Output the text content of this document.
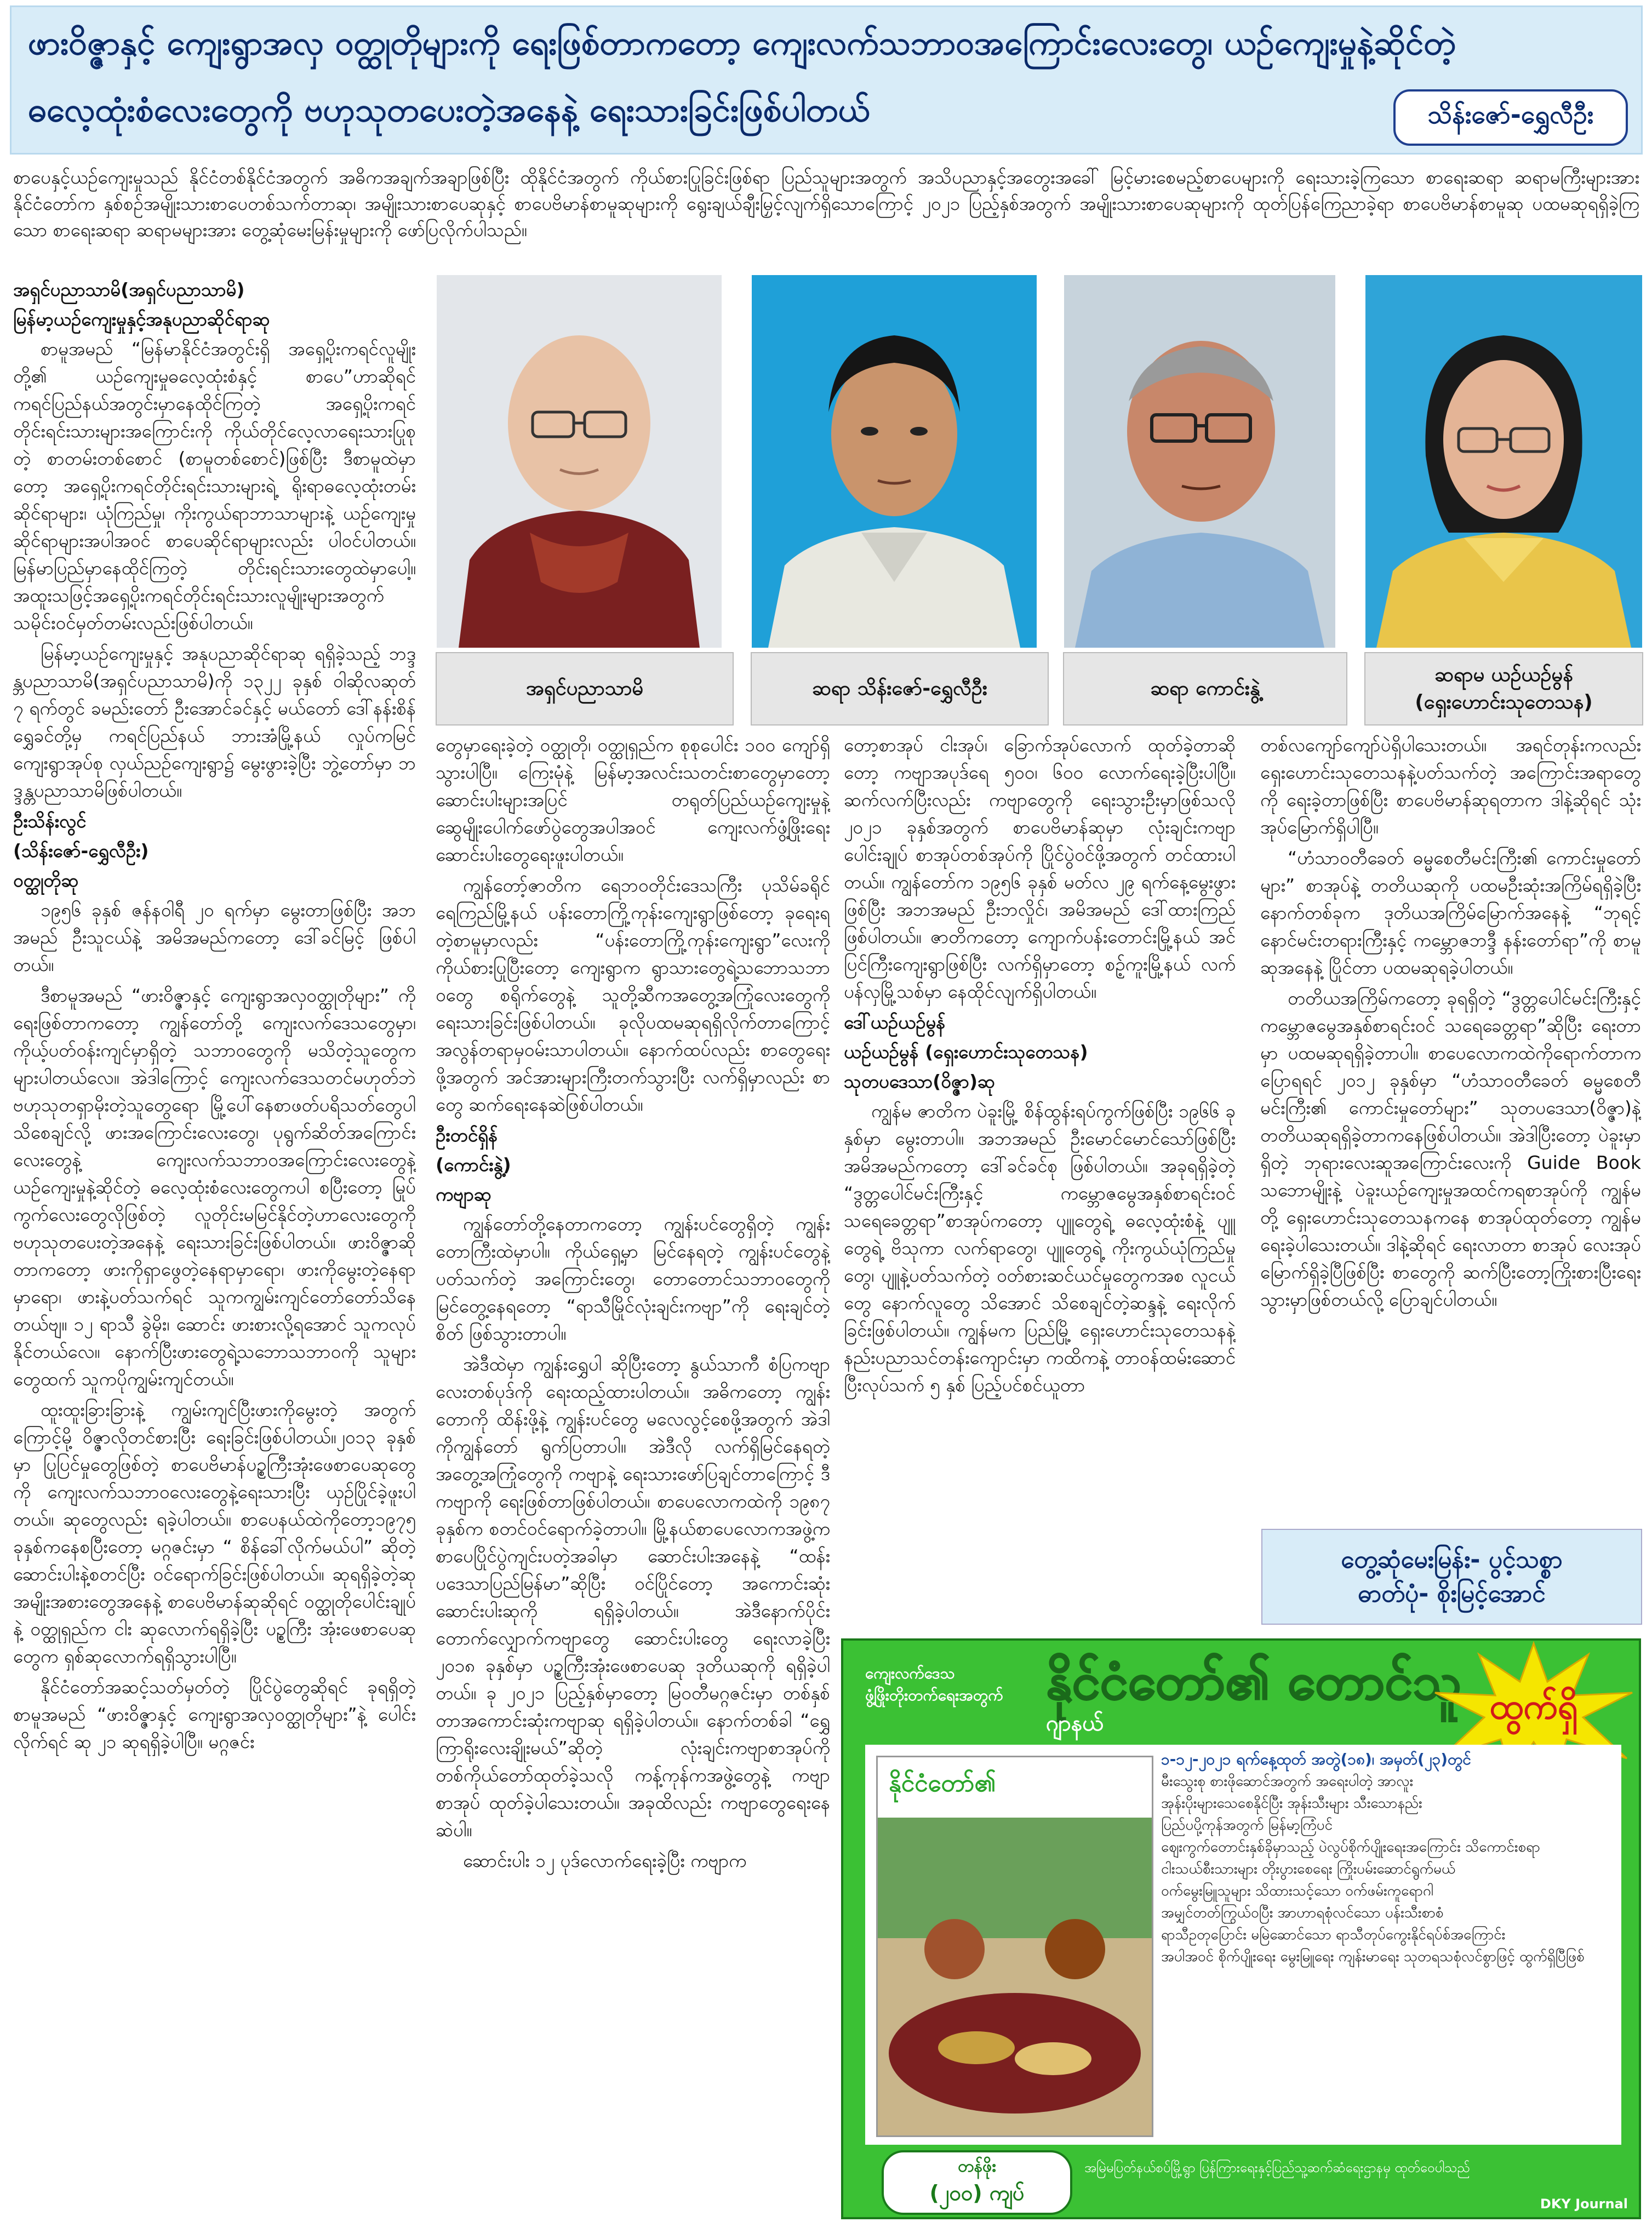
ဖားဝိဇ္ဇာနှင့် ကျေးရွာအလှ ဝတ္ထုတိုများကို ရေးဖြစ်တာကတော့ ကျေးလက်သဘာဝအကြောင်းလေးတွေ၊ ယဉ်ကျေးမှုနဲ့ဆိုင်တဲ့
ဓလေ့ထုံးစံလေးတွေကို ဗဟုသုတပေးတဲ့အနေနဲ့ ရေးသားခြင်းဖြစ်ပါတယ်	သိန်းဇော်-ရွှေလီဦး
စာပေနှင့်ယဉ်ကျေးမှုသည် နိုင်ငံတစ်နိုင်ငံအတွက် အဓိကအချက်အချာဖြစ်ပြီး ထိုနိုင်ငံအတွက် ကိုယ်စားပြုခြင်းဖြစ်ရာ ပြည်သူများအတွက် အသိပညာနှင့်အတွေးအခေါ် မြင့်မားစေမည့်စာပေများကို ရေးသားခဲ့ကြသော စာရေးဆရာ ဆရာမကြီးများအား နိုင်ငံတော်က နှစ်စဉ်အမျိုးသားစာပေတစ်သက်တာဆု၊ အမျိုးသားစာပေဆုနှင့် စာပေဗိမာန်စာမူဆုများကို ရွေးချယ်ချီးမြှင့်လျက်ရှိသောကြောင့် ၂၀၂၁ ပြည့်နှစ်အတွက် အမျိုးသားစာပေဆုများကို ထုတ်ပြန်ကြေညာခဲ့ရာ စာပေဗိမာန်စာမူဆု ပထမဆုရရှိခဲ့ကြသော စာရေးဆရာ ဆရာမများအား တွေ့ဆုံမေးမြန်းမှုများကို ဖော်ပြလိုက်ပါသည်။
အရှင်ပညာသာမိ	ဆရာ သိန်းဇော်-ရွှေလီဦး	ဆရာ ကောင်းနွဲ့
ဆရာမ ယဉ်ယဉ်မွန်
(ရှေးဟောင်းသုတေသန)
အရှင်ပညာသာမိ(အရှင်ပညာသာမိ)
မြန်မာ့ယဉ်ကျေးမှုနှင့်အနုပညာဆိုင်ရာဆု

စာမူအမည် “မြန်မာနိုင်ငံအတွင်းရှိ အရှေ့ပိုးကရင်လူမျိုးတို့၏ ယဉ်ကျေးမှုဓလေ့ထုံးစံနှင့် စာပေ”ဟာဆိုရင် ကရင်ပြည်နယ်အတွင်းမှာနေထိုင်ကြတဲ့ အရှေ့ပိုးကရင်တိုင်းရင်းသားများအကြောင်းကို ကိုယ်တိုင်လေ့လာရေးသားပြုစုတဲ့ စာတမ်းတစ်စောင် (စာမူတစ်စောင်)ဖြစ်ပြီး ဒီစာမူထဲမှာတော့ အရှေ့ပိုးကရင်တိုင်းရင်းသားများရဲ့ ရိုးရာဓလေ့ထုံးတမ်းဆိုင်ရာများ၊ ယုံကြည်မှု၊ ကိုးကွယ်ရာဘာသာများနဲ့ ယဉ်ကျေးမှုဆိုင်ရာများအပါအဝင် စာပေဆိုင်ရာများလည်း ပါဝင်ပါတယ်။ မြန်မာပြည်မှာနေထိုင်ကြတဲ့ တိုင်းရင်းသားတွေထဲမှာပေါ့။ အထူးသဖြင့်အရှေ့ပိုးကရင်တိုင်းရင်းသားလူမျိုးများအတွက် သမိုင်းဝင်မှတ်တမ်းလည်းဖြစ်ပါတယ်။

မြန်မာ့ယဉ်ကျေးမှုနှင့် အနုပညာဆိုင်ရာဆု ရရှိခဲ့သည့် ဘဒ္ဒန္တပညာသာမိ(အရှင်ပညာသာမိ)ကို ၁၃၂၂ ခုနှစ် ဝါဆိုလဆုတ် ၇ ရက်တွင် ခမည်းတော် ဦးအောင်ခင်နှင့် မယ်တော် ဒေါ်နန်းစိန်ရွှေခင်တို့မှ ကရင်ပြည်နယ် ဘားအံမြို့နယ် လှုပ်ကမြင်ကျေးရွာအုပ်စု လှယ်ညဉ်ကျေးရွာ၌ မွေးဖွားခဲ့ပြီး ဘွဲ့တော်မှာ ဘဒ္ဒန္တပညာသာမိဖြစ်ပါတယ်။

ဦးသိန်းလွင်
(သိန်းဇော်-ရွှေလီဦး)
ဝတ္ထုတိုဆု

၁၉၅၆ ခုနှစ် ဇန်နဝါရီ ၂၀ ရက်မှာ မွေးတာဖြစ်ပြီး အဘအမည် ဦးသူငယ်နဲ့ အမိအမည်ကတော့ ဒေါ်ခင်မြင့် ဖြစ်ပါတယ်။

ဒီစာမူအမည် “ဖားဝိဇ္ဇာနှင့် ကျေးရွာအလှဝတ္ထုတိုများ” ကို ရေးဖြစ်တာကတော့ ကျွန်တော်တို့ ကျေးလက်ဒေသတွေမှာ၊ ကိုယ့်ပတ်ဝန်းကျင်မှာရှိတဲ့ သဘာဝတွေကို မသိတဲ့သူတွေက များပါတယ်လေ။ အဲဒါကြောင့် ကျေးလက်ဒေသတင်မဟုတ်ဘဲ ဗဟုသုတရှာမိုးတဲ့သူတွေရော မြို့ပေါ်နေစာဖတ်ပရိသတ်တွေပါ သိစေချင်လို့ ဖားအကြောင်းလေးတွေ၊ ပုရွက်ဆိတ်အကြောင်းလေးတွေနဲ့ ကျေးလက်သဘာဝအကြောင်းလေးတွေနဲ့ ယဉ်ကျေးမှုနဲ့ဆိုင်တဲ့ ဓလေ့ထုံးစံလေးတွေကပါ စပြီးတော့ မြုပ်ကွက်လေးတွေလိုဖြစ်တဲ့ လူတိုင်းမမြင်နိုင်တဲ့ဟာလေးတွေကို ဗဟုသုတပေးတဲ့အနေနဲ့ ရေးသားခြင်းဖြစ်ပါတယ်။ ဖားဝိဇ္ဇာဆိုတာကတော့ ဖားကိုရှာဖွေတဲ့နေရာမှာရော၊ ဖားကိုမွေးတဲ့နေရာမှာရော၊ ဖားနဲ့ပတ်သက်ရင် သူကကျွမ်းကျင်တော်တော်သိနေတယ်ဗျ။ ၁၂ ရာသီ ခွဲမိုး၊ ဆောင်း ဖားစားလို့ရအောင် သူကလုပ်နိုင်တယ်လေ။ နောက်ပြီးဖားတွေရဲ့သဘောသဘာဝကို သူများတွေထက် သူကပိုကျွမ်းကျင်တယ်။

ထူးထူးခြားခြားနဲ့ ကျွမ်းကျင်ပြီးဖားကိုမွေးတဲ့ အတွက်ကြောင့်မို့ ဝိဇ္ဇာလိုတင်စားပြီး ရေးခြင်းဖြစ်ပါတယ်။၂၀၁၃ ခုနှစ်မှာ ပြုပြင်မှုတွေဖြစ်တဲ့ စာပေဗိမာန်ပဥ္စကြီးအုံးဖေစာပေဆုတွေကို ကျေးလက်သဘာဝလေးတွေနဲ့ရေးသားပြီး ယှဉ်ပြိုင်ခဲ့ဖူးပါတယ်။ ဆုတွေလည်း ရခဲ့ပါတယ်။ စာပေနယ်ထဲကိုတော့၁၉၇၅ ခုနှစ်ကနေစပြီးတော့ မဂ္ဂဇင်းမှာ “ စိန်ခေါ်လိုက်မယ်ပါ” ဆိုတဲ့ ဆောင်းပါးနဲ့စတင်ပြီး ဝင်ရောက်ခြင်းဖြစ်ပါတယ်။ ဆုရရှိခဲ့တဲ့ဆုအမျိုးအစားတွေအနေနဲ့ စာပေဗိမာန်ဆုဆိုရင် ဝတ္ထုတိုပေါင်းချုပ်နဲ့ ဝတ္ထုရှည်က ငါး ဆုလောက်ရရှိခဲ့ပြီး ပဥ္စကြီး အုံးဖေစာပေဆုတွေက ရှစ်ဆုလောက်ရရှိသွားပါပြီ။

နိုင်ငံတော်အဆင့်သတ်မှတ်တဲ့ ပြိုင်ပွဲတွေဆိုရင် ခုရရှိတဲ့ စာမူအမည် “ဖားဝိဇ္ဇာနှင့် ကျေးရွာအလှဝတ္ထုတိုများ”နဲ့ ပေါင်းလိုက်ရင် ဆု ၂၁ ဆုရရှိခဲ့ပါပြီ။ မဂ္ဂဇင်း

တွေမှာရေးခဲ့တဲ့ ဝတ္ထုတို၊ ဝတ္ထုရှည်က စုစုပေါင်း ၁၀၀ ကျော်ရှိသွားပါပြီ။ ကြေးမုံနဲ့ မြန်မာ့အလင်းသတင်းစာတွေမှာတော့ ဆောင်းပါးများအပြင် တရုတ်ပြည်ယဉ်ကျေးမှုနဲ့ ဆွေမျိုးပေါက်ဖော်ပွဲတွေအပါအဝင် ကျေးလက်ဖွံ့ဖြိုးရေးဆောင်းပါးတွေရေးဖူးပါတယ်။

ကျွန်တော့်ဇာတိက ရေဘဝတိုင်းဒေသကြီး ပုသိမ်ခရိုင် ရေကြည်မြို့နယ် ပန်းတောကြို့ကုန်းကျေးရွာဖြစ်တော့ ခုရေးရတဲ့စာမူမှာလည်း “ပန်းတောကြို့ကုန်းကျေးရွာ”လေးကို ကိုယ်စားပြုပြီးတော့ ကျေးရွာက ရွာသားတွေရဲ့သဘောသဘာဝတွေ စရိုက်တွေနဲ့ သူတို့ဆီကအတွေ့အကြုံလေးတွေကို ရေးသားခြင်းဖြစ်ပါတယ်။ ခုလိုပထမဆုရရှိလိုက်တာကြောင့် အလွန်တရာမှဝမ်းသာပါတယ်။ နောက်ထပ်လည်း စာတွေရေးဖို့အတွက် အင်အားများကြီးတက်သွားပြီး လက်ရှိမှာလည်း စာတွေ ဆက်ရေးနေဆဲဖြစ်ပါတယ်။

ဦးတင်ရှိန်
(ကောင်းနွဲ့)
ကဗျာဆု

ကျွန်တော်တို့နေတာကတော့ ကျွန်းပင်တွေရှိတဲ့ ကျွန်းတောကြီးထဲမှာပါ။ ကိုယ်ရှေ့မှာ မြင်နေရတဲ့ ကျွန်းပင်တွေနဲ့ပတ်သက်တဲ့ အကြောင်းတွေ၊ တောတောင်သဘာဝတွေကို မြင်တွေ့နေရတော့ “ရာသီမြိုင်လုံးချင်းကဗျာ”ကို ရေးချင်တဲ့စိတ် ဖြစ်သွားတာပါ။

အဲဒီထဲမှာ ကျွန်းရွှေပါ ဆိုပြီးတော့ နွယ်သာကီ စံပြကဗျာလေးတစ်ပုဒ်ကို ရေးထည့်ထားပါတယ်။ အဓိကတော့ ကျွန်းတောကို ထိန်းဖို့နဲ့ ကျွန်းပင်တွေ မလေလွင့်စေဖို့အတွက် အဲဒါကိုကျွန်တော် ရွက်ပြတာပါ။ အဲဒီလို လက်ရှိမြင်နေရတဲ့အတွေ့အကြုံတွေကို ကဗျာနဲ့ ရေးသားဖော်ပြချင်တာကြောင့် ဒီကဗျာကို ရေးဖြစ်တာဖြစ်ပါတယ်။ စာပေလောကထဲကို ၁၉၈၇ ခုနှစ်က စတင်ဝင်ရောက်ခဲ့တာပါ။ မြို့နယ်စာပေလောကအဖွဲ့က စာပေပြိုင်ပွဲကျင်းပတဲ့အခါမှာ ဆောင်းပါးအနေနဲ့ “ထန်းပဒေသာပြည်မြန်မာ”ဆိုပြီး ဝင်ပြိုင်တော့ အကောင်းဆုံးဆောင်းပါးဆုကို ရရှိခဲ့ပါတယ်။ အဲဒီနောက်ပိုင်း တောက်လျှောက်ကဗျာတွေ ဆောင်းပါးတွေ ရေးလာခဲ့ပြီး ၂၀၁၈ ခုနှစ်မှာ ပဥ္စကြီးအုံးဖေစာပေဆု ဒုတိယဆုကို ရရှိခဲ့ပါတယ်။ ခု ၂၀၂၁ ပြည့်နှစ်မှာတော့ မြဝတီမဂ္ဂဇင်းမှာ တစ်နှစ်တာအကောင်းဆုံးကဗျာဆု ရရှိခဲ့ပါတယ်။ နောက်တစ်ခါ “ရွှေကြာရိုးလေးချိုးမယ်”ဆိုတဲ့ လုံးချင်းကဗျာစာအုပ်ကို တစ်ကိုယ်တော်ထုတ်ခဲ့သလို ကန့်ကုန်ကအဖွဲ့တွေနဲ့ ကဗျာစာအုပ် ထုတ်ခဲ့ပါသေးတယ်။ အခုထိလည်း ကဗျာတွေရေးနေဆဲပါ။

ဆောင်းပါး ၁၂ ပုဒ်လောက်ရေးခဲ့ပြီး ကဗျာက

တော့စာအုပ် ငါးအုပ်၊ ခြောက်အုပ်လောက် ထုတ်ခဲ့တာဆိုတော့ ကဗျာအပုဒ်ရေ ၅၀၀၊ ၆၀၀ လောက်ရေးခဲ့ပြီးပါပြီ။ ဆက်လက်ပြီးလည်း ကဗျာတွေကို ရေးသွားဦးမှာဖြစ်သလို ၂၀၂၁ ခုနှစ်အတွက် စာပေဗိမာန်ဆုမှာ လုံးချင်းကဗျာပေါင်းချုပ် စာအုပ်တစ်အုပ်ကို ပြိုင်ပွဲဝင်ဖို့အတွက် တင်ထားပါတယ်။ ကျွန်တော်က ၁၉၅၆ ခုနှစ် မတ်လ ၂၉ ရက်နေ့မွေးဖွားဖြစ်ပြီး အဘအမည် ဦးဘလှိုင်၊ အမိအမည် ဒေါ်ထားကြည်ဖြစ်ပါတယ်။ ဇာတိကတော့ ကျောက်ပန်းတောင်းမြို့နယ် အင်ပြင်ကြီးကျေးရွာဖြစ်ပြီး လက်ရှိမှာတော့ စဉ့်ကူးမြို့နယ် လက်ပန်လှမြို့သစ်မှာ နေထိုင်လျက်ရှိပါတယ်။

ဒေါ်ယဉ်ယဉ်မွန်
ယဉ်ယဉ်မွန် (ရှေးဟောင်းသုတေသန)
သုတပဒေသာ(ဝိဇ္ဇာ)ဆု

ကျွန်မ ဇာတိက ပဲခူးမြို့ စိန်ထွန်းရပ်ကွက်ဖြစ်ပြီး ၁၉၆၆ ခုနှစ်မှာ မွေးတာပါ။ အဘအမည် ဦးမောင်မောင်သော်ဖြစ်ပြီး အမိအမည်ကတော့ ဒေါ်ခင်ခင်စု ဖြစ်ပါတယ်။ အခုရရှိခဲ့တဲ့ “ဒွတ္တပေါင်မင်းကြီးနှင့် ကမ္ဘောဇမွေအနှစ်စာရင်းဝင် သရေခေတ္တရာ”စာအုပ်ကတော့ ပျူတွေရဲ့ ဓလေ့ထုံးစံနဲ့ ပျူတွေရဲ့ ဗိသုကာ လက်ရာတွေ၊ ပျူတွေရဲ့ ကိုးကွယ်ယုံကြည်မှုတွေ၊ ပျူနဲ့ပတ်သက်တဲ့ ဝတ်စားဆင်ယင်မှုတွေကအစ လူငယ်တွေ နောက်လူတွေ သိအောင် သိစေချင်တဲ့ဆန္ဒနဲ့ ရေးလိုက်ခြင်းဖြစ်ပါတယ်။ ကျွန်မက ပြည်မြို့ ရှေးဟောင်းသုတေသနနဲ့ နည်းပညာသင်တန်းကျောင်းမှာ ကထိကနဲ့ တာဝန်ထမ်းဆောင်ပြီးလုပ်သက် ၅ နှစ် ပြည့်ပင်စင်ယူတာ

တစ်လကျော်ကျော်ပဲရှိပါသေးတယ်။ အရင်တုန်းကလည်း ရှေးဟောင်းသုတေသနနဲ့ပတ်သက်တဲ့ အကြောင်းအရာတွေကို ရေးခဲ့တာဖြစ်ပြီး စာပေဗိမာန်ဆုရတာက ဒါနဲ့ဆိုရင် သုံးအုပ်မြောက်ရှိပါပြီ။

“ဟံသာဝတီခေတ် ဓမ္မစေတီမင်းကြီး၏ ကောင်းမှုတော်များ” စာအုပ်နဲ့ တတိယဆုကို ပထမဦးဆုံးအကြိမ်ရရှိခဲ့ပြီး နောက်တစ်ခုက ဒုတိယအကြိမ်မြောက်အနေနဲ့ “ဘုရင့်နောင်မင်းတရားကြီးနှင့် ကမ္ဘောဇဘဒ္ဒီ နန်းတော်ရာ”ကို စာမူဆုအနေနဲ့ ပြိုင်တာ ပထမဆုရခဲ့ပါတယ်။

တတိယအကြိမ်ကတော့ ခုရရှိတဲ့ “ဒွတ္တပေါင်မင်းကြီးနှင့် ကမ္ဘောဇမွေအနှစ်စာရင်းဝင် သရေခေတ္တရာ”ဆိုပြီး ရေးတာမှာ ပထမဆုရရှိခဲ့တာပါ။ စာပေလောကထဲကိုရောက်တာက ပြောရရင် ၂၀၁၂ ခုနှစ်မှာ “ဟံသာဝတီခေတ် ဓမ္မစေတီမင်းကြီး၏ ကောင်းမှုတော်များ” သုတပဒေသာ(ဝိဇ္ဇာ)နဲ့တတိယဆုရရှိခဲ့တာကနေဖြစ်ပါတယ်။ အဲဒါပြီးတော့ ပဲခူးမှာရှိတဲ့ ဘုရားလေးဆူအကြောင်းလေးကို Guide Book သဘောမျိုးနဲ့ ပဲခူးယဉ်ကျေးမှုအထင်ကရစာအုပ်ကို ကျွန်မတို့ ရှေးဟောင်းသုတေသနကနေ စာအုပ်ထုတ်တော့ ကျွန်မရေးခဲ့ပါသေးတယ်။ ဒါနဲ့ဆိုရင် ရေးလာတာ စာအုပ် လေးအုပ်မြောက်ရှိခဲ့ပြီဖြစ်ပြီး စာတွေကို ဆက်ပြီးတော့ကြိုးစားပြီးရေးသွားမှာဖြစ်တယ်လို့ ပြောချင်ပါတယ်။

တွေ့ဆုံမေးမြန်း- ပွင့်သစ္စာ
ဓာတ်ပုံ- စိုးမြင့်အောင်
ကျေးလက်ဒေသ
ဖွံ့ဖြိုးတိုးတက်ရေးအတွက် နိုင်ငံတော်၏ တောင်သူ
ဂျာနယ်	ထွက်ရှိ
နိုင်ငံတော်၏
၁-၁၂-၂၀၂၁ ရက်နေ့ထုတ် အတွဲ(၁၈)၊ အမှတ်(၂၃)တွင်
မီးသွေးစု စားဖိုဆောင်အတွက် အရေးပါတဲ့ အာလူး
အုန်းပိုးများသေစေနိုင်ပြီး အုန်းသီးများ သီးသောနည်း
ပြည်ပပို့ကုန်အတွက် မြန်မာ့ကြံပင်
ဈေးကွက်တောင်းနှစ်ခိုမှာသည့် ပဲလွပ်စိုက်ပျိုးရေးအကြောင်း သိကောင်းစရာ
ငါးသယ်စီးသားများ တိုးပွားစေရေး ကြိုးပမ်းဆောင်ရွက်မယ်
ဝက်မွေးမြူသူများ သိထားသင့်သော ဝက်ဖမ်းကူရောဂါ
အမျှင်တတ်ကြွယ်ဝပြီး အာဟာရစုံလင်သော ပန်းသီးစာစံ
ရာသီဥတုပြောင်း မမြဲဆောင်သော ရာသီတုပ်ကွေးနိုင်ရပ်စ်အကြောင်း
အပါအဝင် စိုက်ပျိုးရေး မွေးမြူရေး ကျန်းမာရေး သုတရသစုံလင်စွာဖြင့် ထွက်ရှိပြီဖြစ်
တန်ဖိုး
(၂၀၀) ကျပ်
အမြဲမပြတ်နယ်စပ်မြို့ရွာ ပြန်ကြားရေးနှင့်ပြည်သူ့ဆက်ဆံရေးဌာနမှ ထုတ်ဝေပါသည်
DKY Journal
